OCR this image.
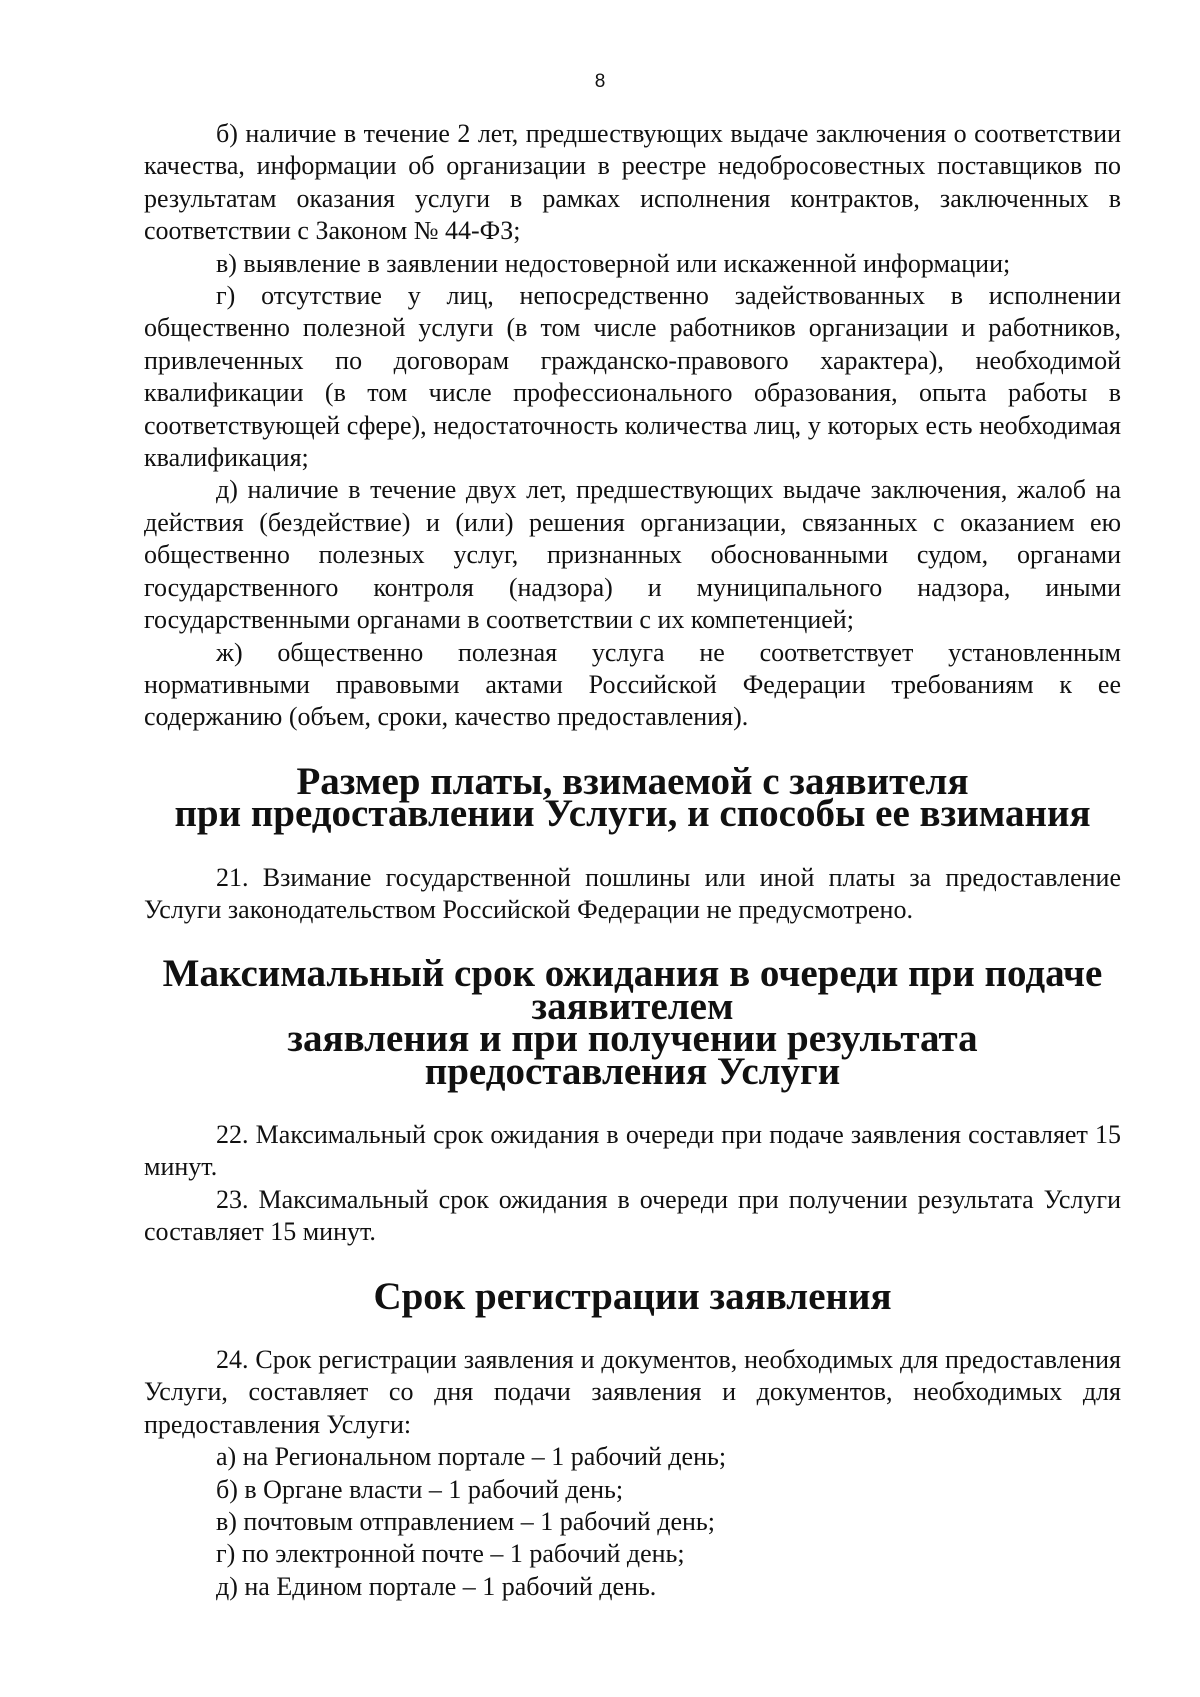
8

б) наличие в течение 2 лет, предшествующих выдаче заключения о соответствии качества, информации об организации в реестре недобросовестных поставщиков по результатам оказания услуги в рамках исполнения контрактов, заключенных в соответствии с Законом № 44-ФЗ;

в) выявление в заявлении недостоверной или искаженной информации;

г) отсутствие у лиц, непосредственно задействованных в исполнении общественно полезной услуги (в том числе работников организации и работников, привлеченных по договорам гражданско-правового характера), необходимой квалификации (в том числе профессионального образования, опыта работы в соответствующей сфере), недостаточность количества лиц, у которых есть необходимая квалификация;

д) наличие в течение двух лет, предшествующих выдаче заключения, жалоб на действия (бездействие) и (или) решения организации, связанных с оказанием ею общественно полезных услуг, признанных обоснованными судом, органами государственного контроля (надзора) и муниципального надзора, иными государственными органами в соответствии с их компетенцией;

ж) общественно полезная услуга не соответствует установленным нормативными правовыми актами Российской Федерации требованиям к ее содержанию (объем, сроки, качество предоставления).

Размер платы, взимаемой с заявителя
при предоставлении Услуги, и способы ее взимания

21. Взимание государственной пошлины или иной платы за предоставление Услуги законодательством Российской Федерации не предусмотрено.

Максимальный срок ожидания в очереди при подаче заявителем
заявления и при получении результата предоставления Услуги

22. Максимальный срок ожидания в очереди при подаче заявления составляет 15 минут.

23. Максимальный срок ожидания в очереди при получении результата Услуги составляет 15 минут.

Срок регистрации заявления

24. Срок регистрации заявления и документов, необходимых для предоставления Услуги, составляет со дня подачи заявления и документов, необходимых для предоставления Услуги:

а) на Региональном портале – 1 рабочий день;

б) в Органе власти – 1 рабочий день;

в) почтовым отправлением – 1 рабочий день;

г) по электронной почте – 1 рабочий день;

д) на Едином портале – 1 рабочий день.
